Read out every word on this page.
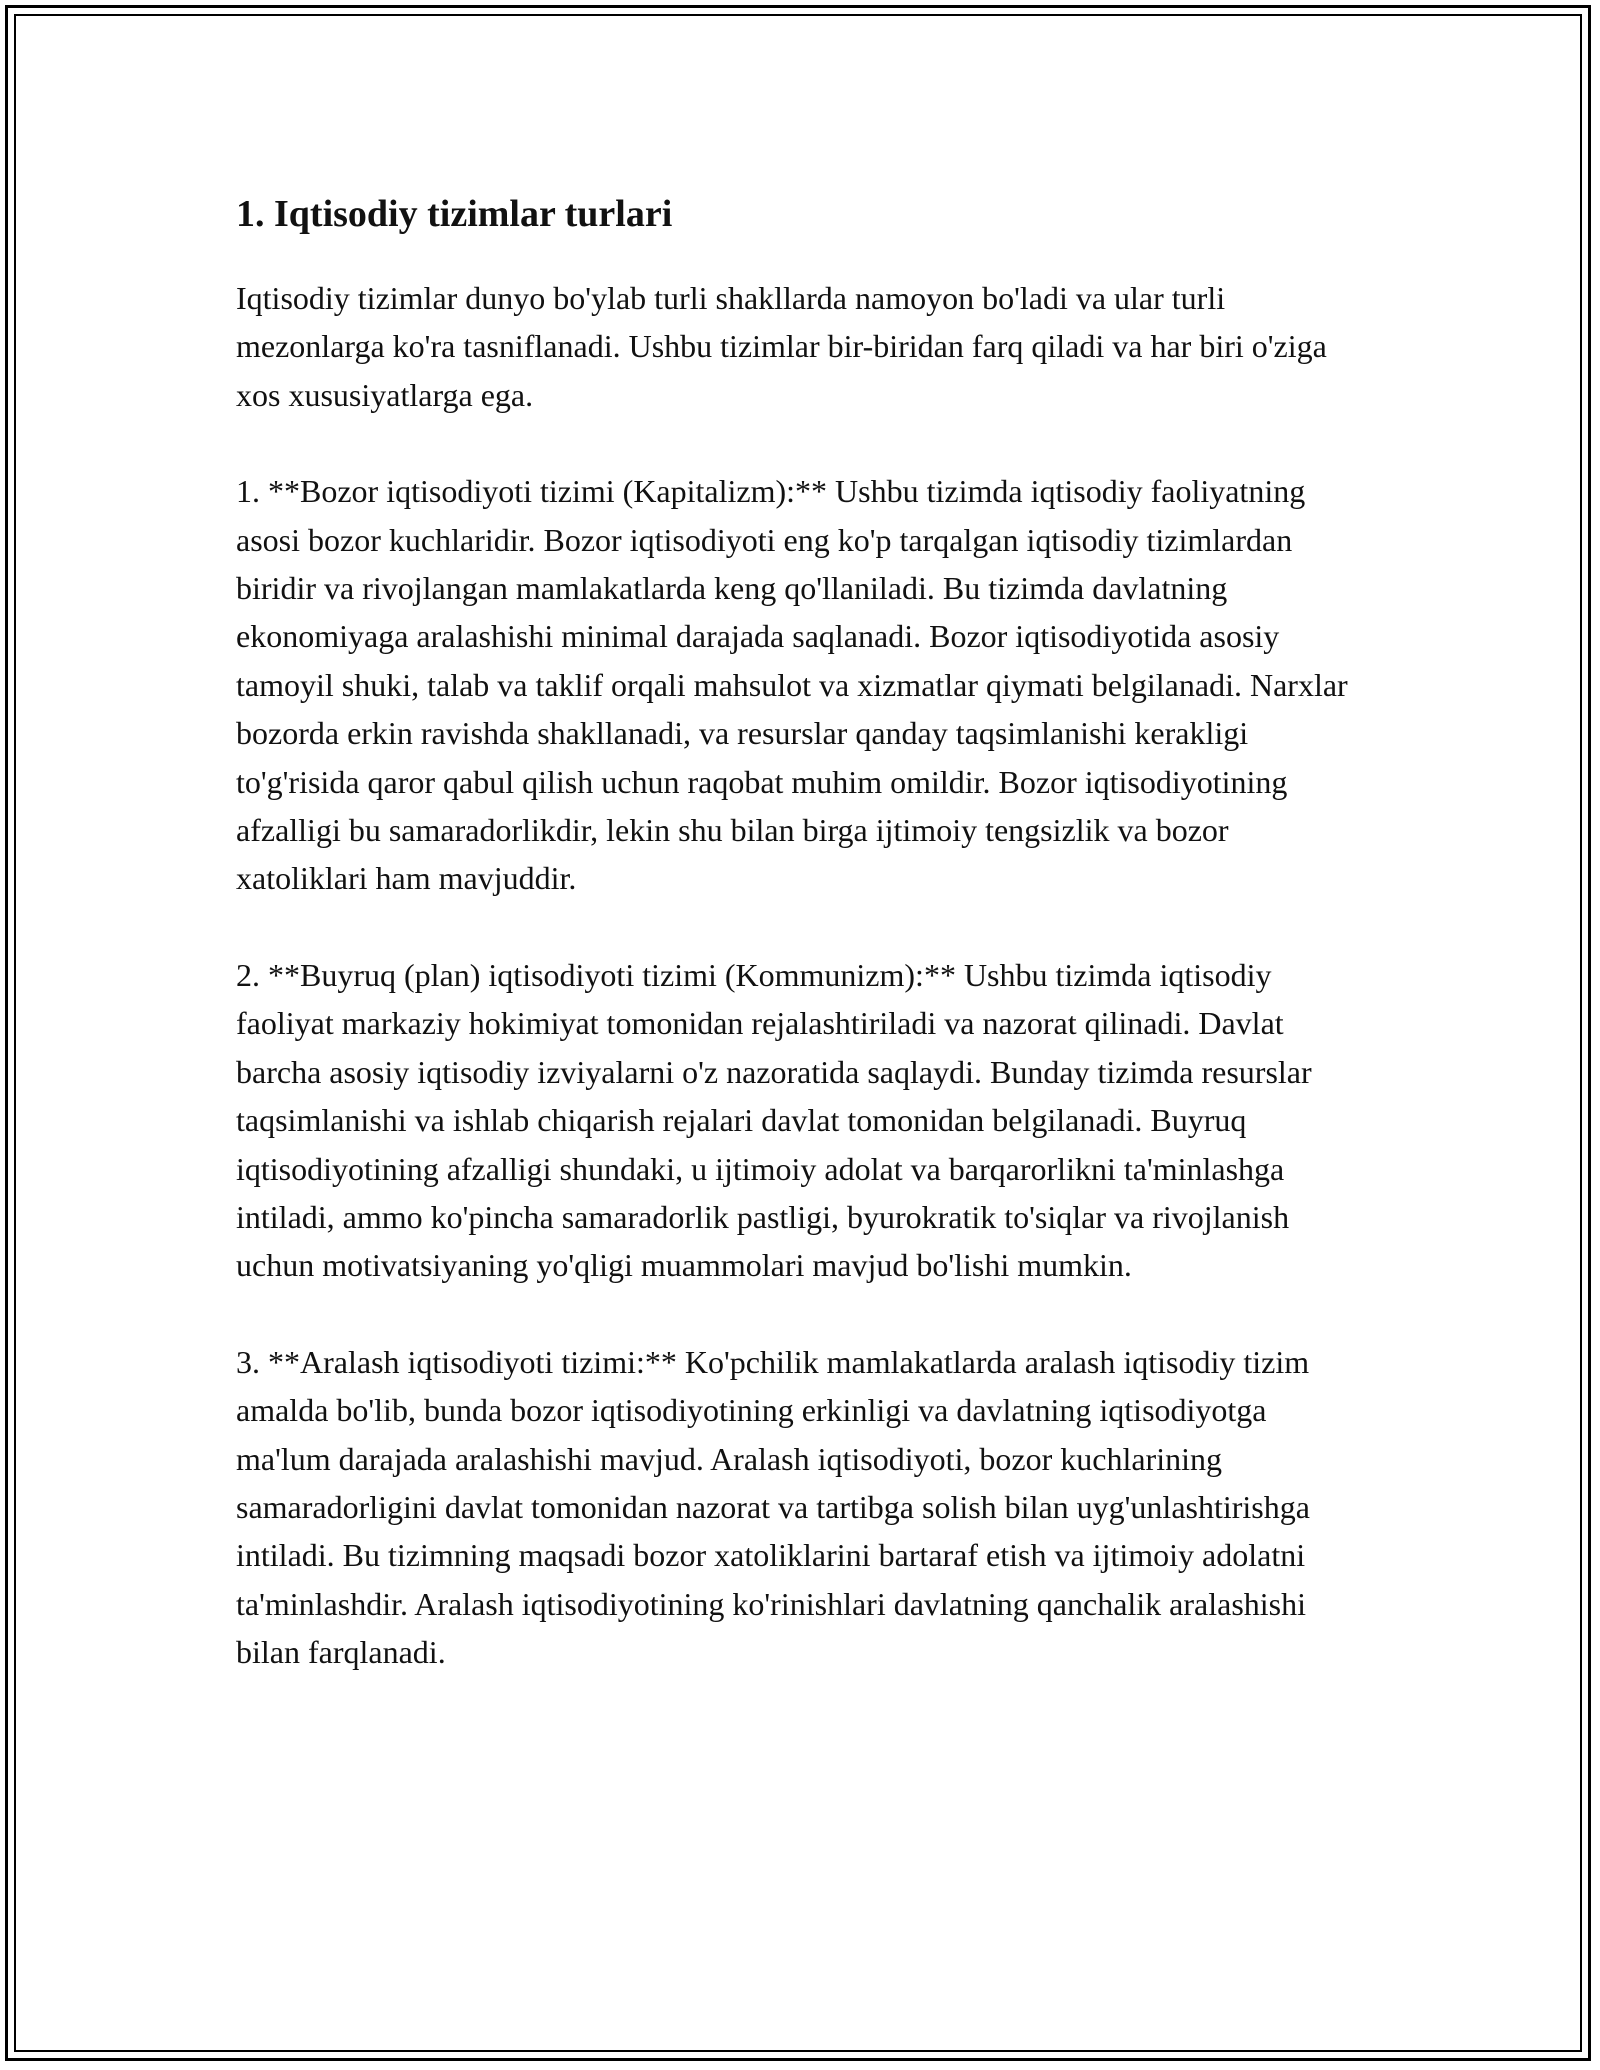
1. Iqtisodiy tizimlar turlari

Iqtisodiy tizimlar dunyo bo'ylab turli shakllarda namoyon bo'ladi va ular turli mezonlarga ko'ra tasniflanadi. Ushbu tizimlar bir-biridan farq qiladi va har biri o'ziga xos xususiyatlarga ega.

1. **Bozor iqtisodiyoti tizimi (Kapitalizm):** Ushbu tizimda iqtisodiy faoliyatning asosi bozor kuchlaridir. Bozor iqtisodiyoti eng ko'p tarqalgan iqtisodiy tizimlardan biridir va rivojlangan mamlakatlarda keng qo'llaniladi. Bu tizimda davlatning ekonomiyaga aralashishi minimal darajada saqlanadi. Bozor iqtisodiyotida asosiy tamoyil shuki, talab va taklif orqali mahsulot va xizmatlar qiymati belgilanadi. Narxlar bozorda erkin ravishda shakllanadi, va resurslar qanday taqsimlanishi kerakligi to'g'risida qaror qabul qilish uchun raqobat muhim omildir. Bozor iqtisodiyotining afzalligi bu samaradorlikdir, lekin shu bilan birga ijtimoiy tengsizlik va bozor xatoliklari ham mavjuddir.

2. **Buyruq (plan) iqtisodiyoti tizimi (Kommunizm):** Ushbu tizimda iqtisodiy faoliyat markaziy hokimiyat tomonidan rejalashtiriladi va nazorat qilinadi. Davlat barcha asosiy iqtisodiy izviyalarni o'z nazoratida saqlaydi. Bunday tizimda resurslar taqsimlanishi va ishlab chiqarish rejalari davlat tomonidan belgilanadi. Buyruq iqtisodiyotining afzalligi shundaki, u ijtimoiy adolat va barqarorlikni ta'minlashga intiladi, ammo ko'pincha samaradorlik pastligi, byurokratik to'siqlar va rivojlanish uchun motivatsiyaning yo'qligi muammolari mavjud bo'lishi mumkin.

3. **Aralash iqtisodiyoti tizimi:** Ko'pchilik mamlakatlarda aralash iqtisodiy tizim amalda bo'lib, bunda bozor iqtisodiyotining erkinligi va davlatning iqtisodiyotga ma'lum darajada aralashishi mavjud. Aralash iqtisodiyoti, bozor kuchlarining samaradorligini davlat tomonidan nazorat va tartibga solish bilan uyg'unlashtirishga intiladi. Bu tizimning maqsadi bozor xatoliklarini bartaraf etish va ijtimoiy adolatni ta'minlashdir. Aralash iqtisodiyotining ko'rinishlari davlatning qanchalik aralashishi bilan farqlanadi.
